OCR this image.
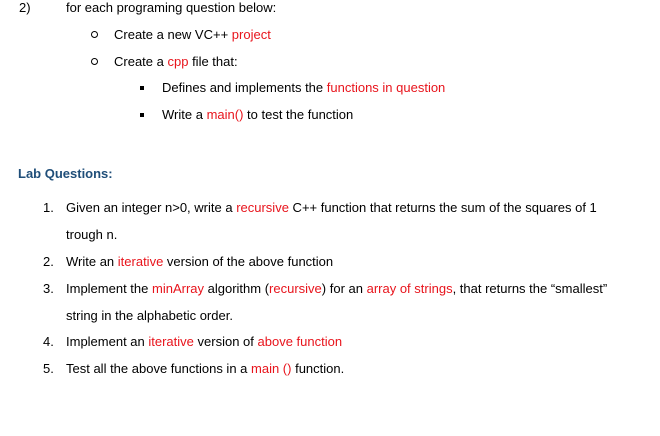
2)	for each programing question below:
Create a new VC++ project
Create a cpp file that:
Defines and implements the functions in question
Write a main() to test the function
Lab Questions:
1. Given an integer n>0, write a recursive C++ function that returns the sum of the squares of 1
trough n.
2. Write an iterative version of the above function
3. Implement the minArray algorithm (recursive) for an array of strings, that returns the “smallest”
string in the alphabetic order.
4. Implement an iterative version of above function
5. Test all the above functions in a main () function.
